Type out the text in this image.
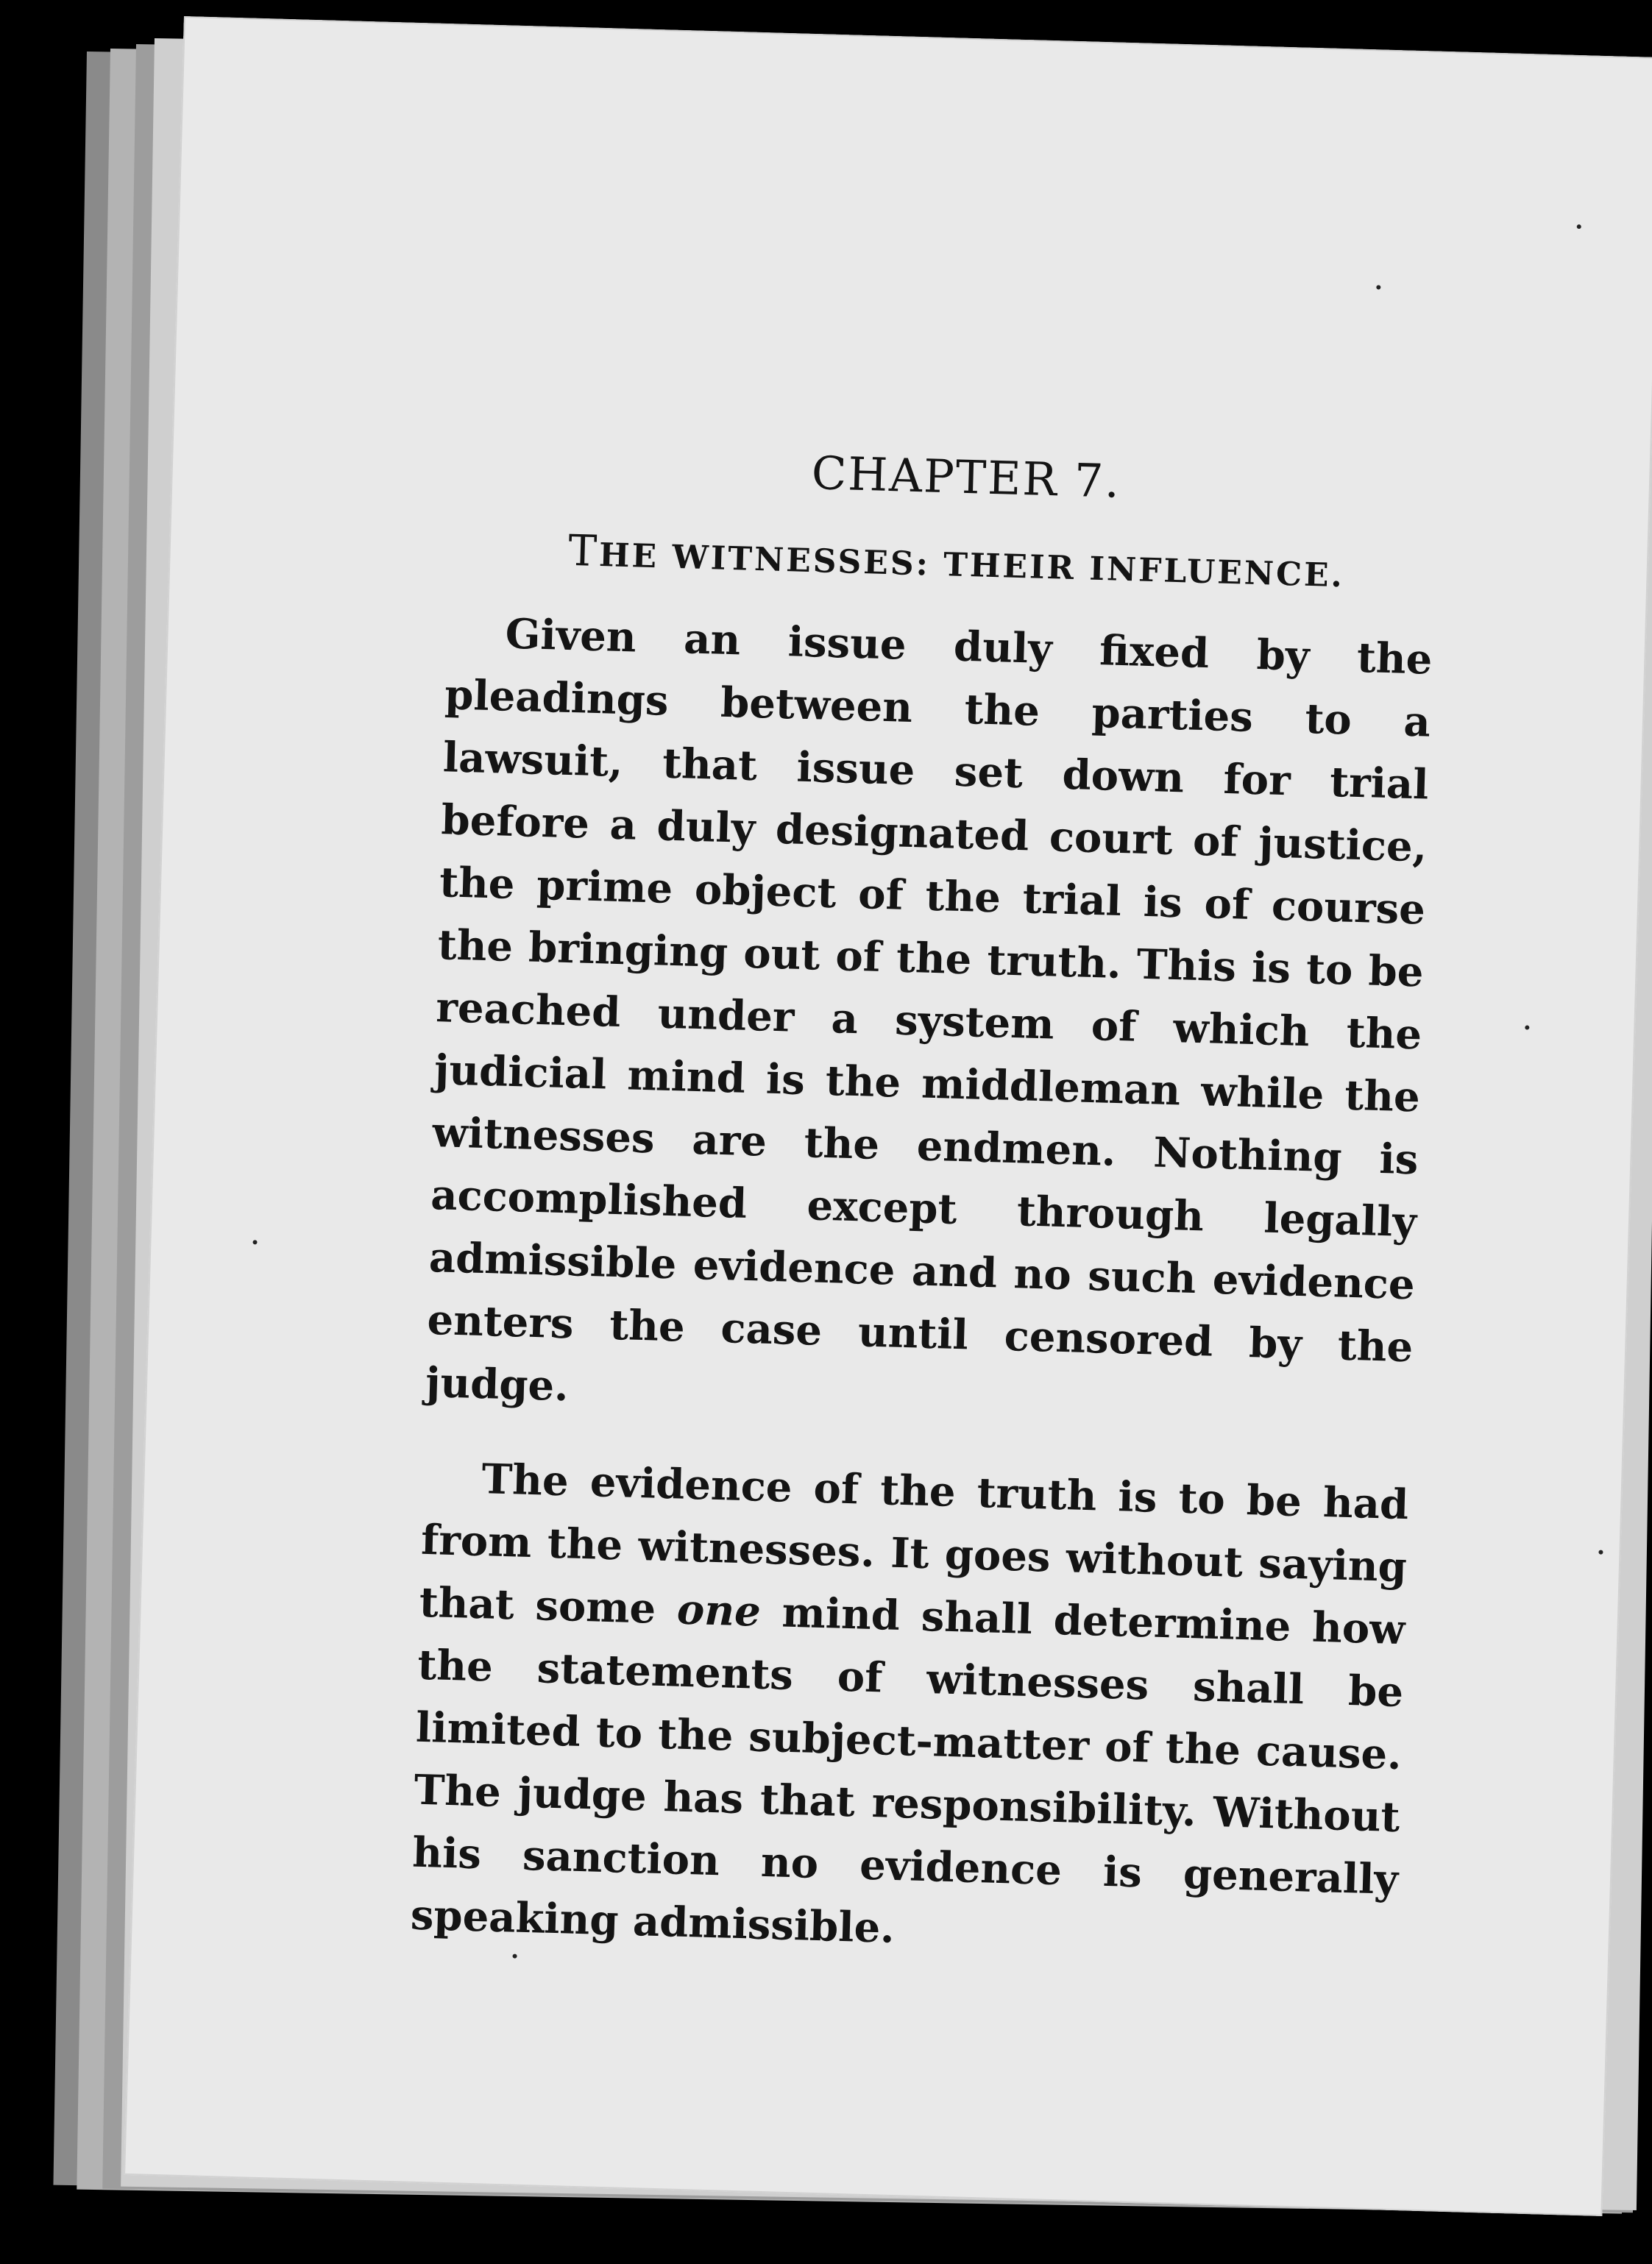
CHAPTER 7.
THE WITNESSES: THEIR INFLUENCE.

Given an issue duly fixed by the pleadings between the parties to a lawsuit, that issue set down for trial before a duly designated court of justice, the prime object of the trial is of course the bringing out of the truth. This is to be reached under a system of which the judicial mind is the middleman while the witnesses are the endmen. Nothing is accomplished except through legally admissible evidence and no such evidence enters the case until censored by the judge.

The evidence of the truth is to be had from the witnesses. It goes without saying that some one mind shall determine how the statements of witnesses shall be limited to the subject-matter of the cause. The judge has that responsibility. Without his sanction no evidence is generally speaking admissible.
